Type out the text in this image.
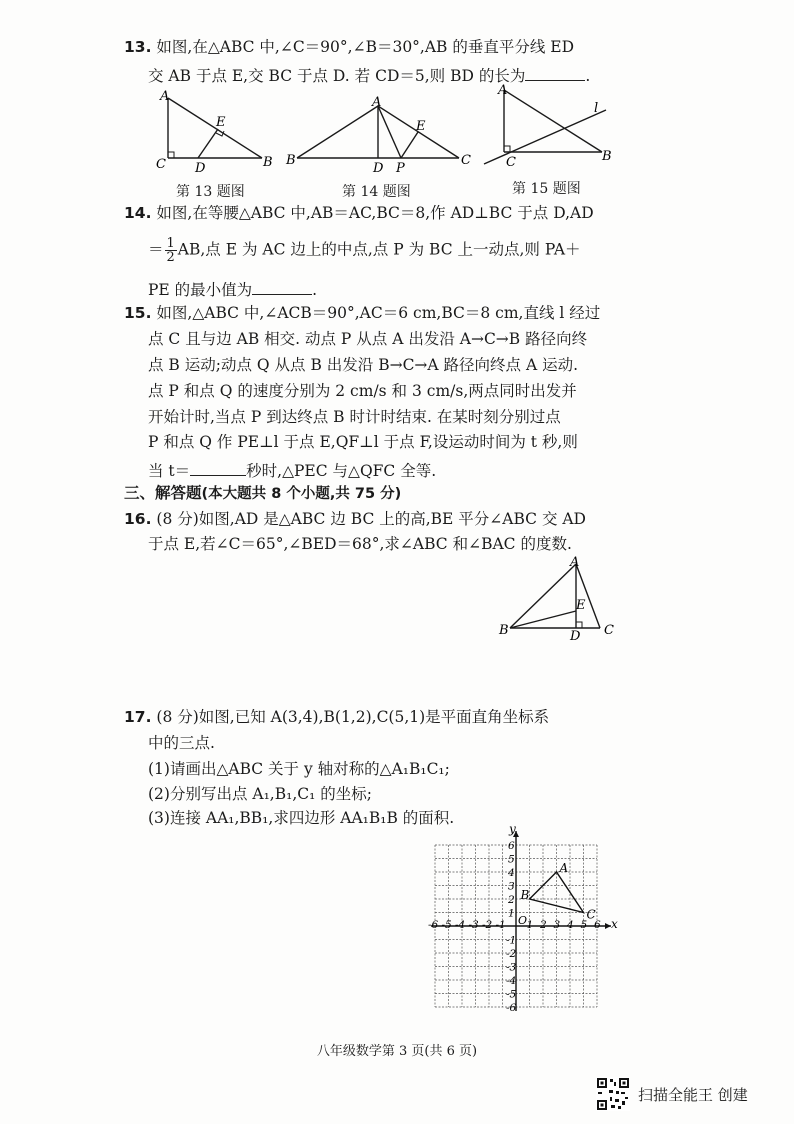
13. 如图,在△ABC 中,∠C＝90°,∠B＝30°,AB 的垂直平分线 ED
交 AB 于点 E,交 BC 于点 D. 若 CD＝5,则 BD 的长为	.
A
C D
E
B
第 13 题图
A
B
D P
E
C
第 14 题图
A
l
C	B
第 15 题图
14. 如图,在等腰△ABC 中,AB＝AC,BC＝8,作 AD⊥BC 于点 D,AD
＝ $\frac{1}{2}$ AB,点 E 为 AC 边上的中点,点 P 为 BC 上一动点,则 PA＋
PE 的最小值为	.
15. 如图,△ABC 中,∠ACB＝90°,AC＝6 cm,BC＝8 cm,直线 l 经过
点 C 且与边 AB 相交. 动点 P 从点 A 出发沿 A→C→B 路径向终
点 B 运动;动点 Q 从点 B 出发沿 B→C→A 路径向终点 A 运动.
点 P 和点 Q 的速度分别为 2 cm/s 和 3 cm/s,两点同时出发并
开始计时,当点 P 到达终点 B 时计时结束. 在某时刻分别过点
P 和点 Q 作 PE⊥l 于点 E,QF⊥l 于点 F,设运动时间为 t 秒,则
当 t＝	秒时,△PEC 与△QFC 全等.
三、解答题(本大题共 8 个小题,共 75 分)
16. (8 分)如图,AD 是△ABC 边 BC 上的高,BE 平分∠ABC 交 AD
于点 E,若∠C＝65°,∠BED＝68°,求∠ABC 和∠BAC 的度数.
A
E
B	D C
17. (8 分)如图,已知 A(3,4),B(1,2),C(5,1)是平面直角坐标系
中的三点.
(1)请画出△ABC 关于 y 轴对称的△A₁B₁C₁;
(2)分别写出点 A₁,B₁,C₁ 的坐标;
(3)连接 AA₁,BB₁,求四边形 AA₁B₁B 的面积.
-6 -5 -4 -3 -2 -1 1 2 3 4 5 6
6
5
4
3
2
1
-1
-2
-3
-4
-5
-6
A
B
C
x
y
O
八年级数学第 3 页(共 6 页)
扫描全能王 创建
